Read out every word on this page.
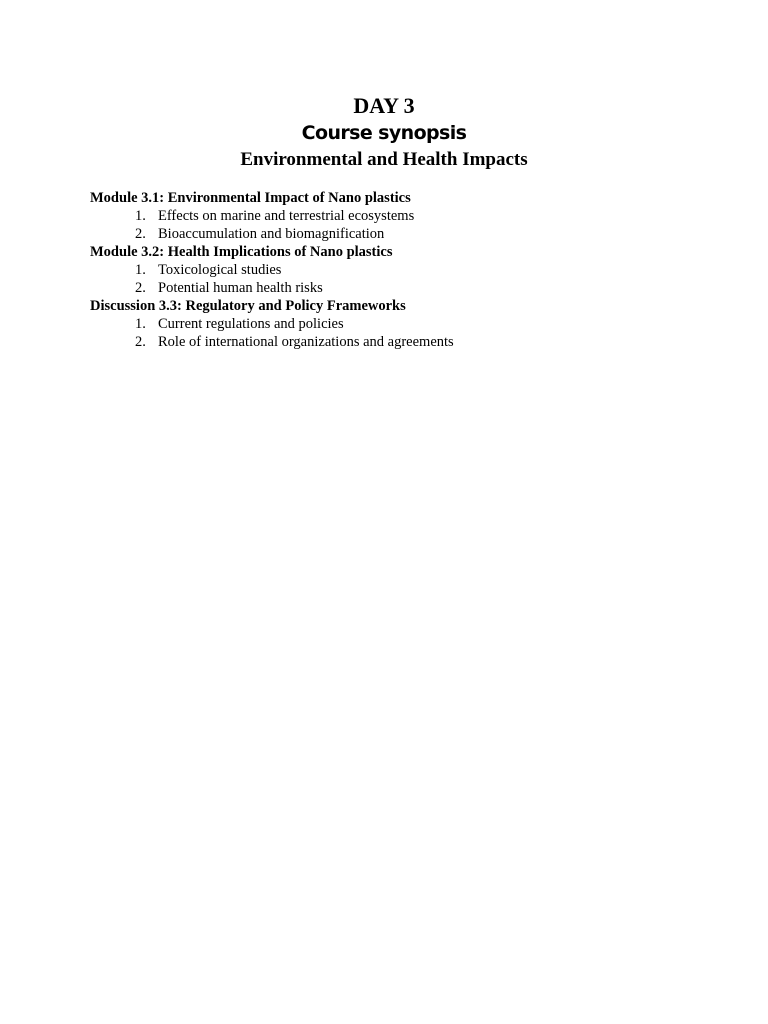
DAY 3
Course synopsis
Environmental and Health Impacts
Module 3.1: Environmental Impact of Nano plastics
1. Effects on marine and terrestrial ecosystems
2. Bioaccumulation and biomagnification
Module 3.2: Health Implications of Nano plastics
1. Toxicological studies
2. Potential human health risks
Discussion 3.3: Regulatory and Policy Frameworks
1. Current regulations and policies
2. Role of international organizations and agreements
